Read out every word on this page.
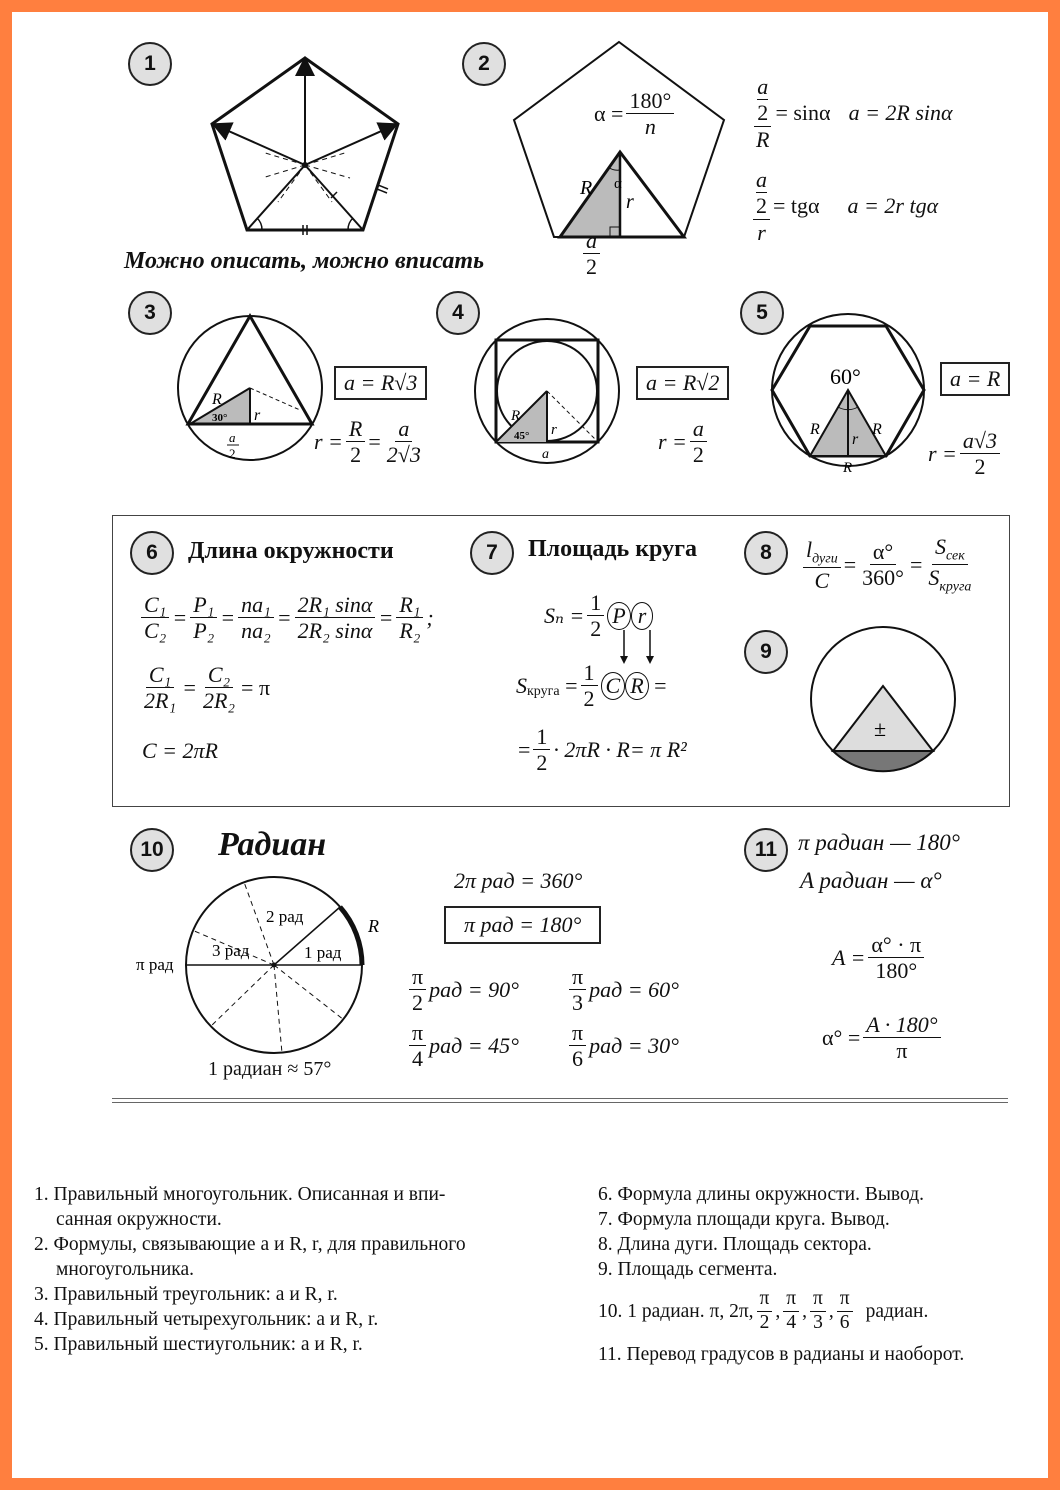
1	2
3	4	5
6	7	8
9
10	11
Можно описать, можно вписать
R
r
α
$\alpha = \frac{180^\circ}{n}$
$\frac{a}{2}$
a
2
R = sinα a = 2R sinα
a
2
r = tgα a = 2r tgα
R
r
30°
a
2
a = R√3
$r = \frac{R}{2} = \frac{a}{2√3}$	R
r
45°
a
a = R√2
$r = \frac{a}{2}$
60°
R	R
r
R
a = R
$r = \frac{a√3}{2}$
Длина окружности
$\frac{\text{C₁}}{\text{C₂}} = \frac{\text{P₁}}{\text{P₂}} = \frac{\text{na₁}}{\text{na₂}} = \frac{\text{2R₁ sinα}}{\text{2R₂ sinα}} = \frac{\text{R₁}}{\text{R₂}}$ ;
$\frac{\text{C₁}}{\text{2R₁}} = \frac{\text{C₂}}{\text{2R₂}} = \pi$
C = 2πR
Площадь круга
$S_n = \frac{1}{2}$ P r
$S_{круга} = \frac{1}{2}$ C R =
= $\frac{1}{2} \cdot 2\pi R \cdot R = \pi$ R²
$\frac{l_{дуги}}{C} = \frac{\alpha^\circ}{360^\circ} = \frac{S_{сек}}{S_{круга}}$
±
Радиан
2 рад
3 рад	1 рад
π рад
R
1 радиан ≈ 57°
2π рад = 360°
π рад = 180°
$\frac{\pi}{2}$ рад = $90^\circ \frac{\pi}{3}$ рад = 60°
$\frac{\pi}{4}$ рад = $45^\circ \frac{\pi}{6}$ рад = 30°
π радиан — 180°
A радиан — α°
$A = \frac{\alpha^\circ \cdot \pi}{180^\circ}$
$\alpha^\circ = \frac{A \cdot 180^\circ}{\pi}$
1. Правильный многоугольник. Описанная и впи-
санная окружности.
2. Формулы, связывающие a и R, r, для правильного
многоугольника.
3. Правильный треугольник: a и R, r.
4. Правильный четырехугольник: a и R, r.
5. Правильный шестиугольник: a и R, r.
6. Формула длины окружности. Вывод.
7. Формула площади круга. Вывод.
8. Длина дуги. Площадь сектора.
9. Площадь сегмента.
10. 1 радиан. π, 2π, $\frac{\pi}{2}$ , $\frac{\pi}{4}$ , $\frac{\pi}{3}$ , $\frac{\pi}{6}$ радиан.
11. Перевод градусов в радианы и наоборот.
